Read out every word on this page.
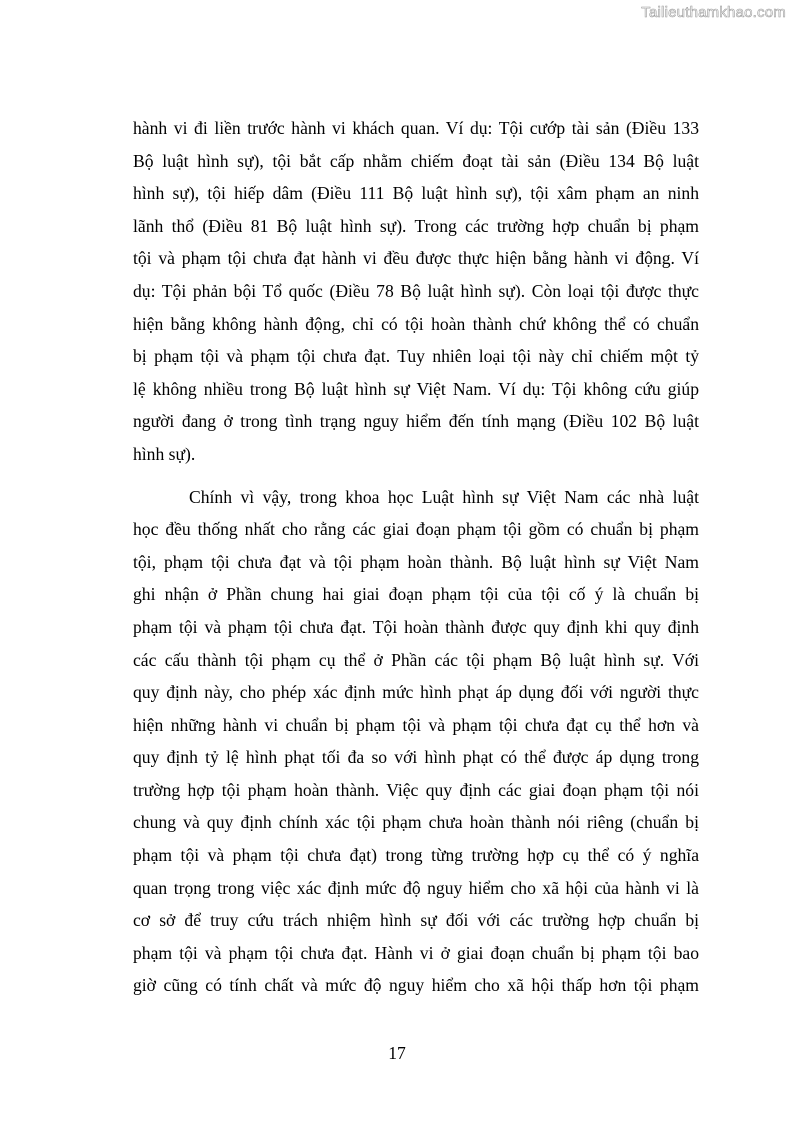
Tailieuthamkhao.com

hành vi đi liền trước hành vi khách quan. Ví dụ: Tội cướp tài sản (Điều 133
Bộ luật hình sự), tội bắt cấp nhằm chiếm đoạt tài sản (Điều 134 Bộ luật
hình sự), tội hiếp dâm (Điều 111 Bộ luật hình sự), tội xâm phạm an ninh
lãnh thổ (Điều 81 Bộ luật hình sự). Trong các trường hợp chuẩn bị phạm
tội và phạm tội chưa đạt hành vi đều được thực hiện bằng hành vi động. Ví
dụ: Tội phản bội Tổ quốc (Điều 78 Bộ luật hình sự). Còn loại tội được thực
hiện bằng không hành động, chỉ có tội hoàn thành chứ không thể có chuẩn
bị phạm tội và phạm tội chưa đạt. Tuy nhiên loại tội này chỉ chiếm một tỷ
lệ không nhiều trong Bộ luật hình sự Việt Nam. Ví dụ: Tội không cứu giúp
người đang ở trong tình trạng nguy hiểm đến tính mạng (Điều 102 Bộ luật
hình sự).

Chính vì vậy, trong khoa học Luật hình sự Việt Nam các nhà luật
học đều thống nhất cho rằng các giai đoạn phạm tội gồm có chuẩn bị phạm
tội, phạm tội chưa đạt và tội phạm hoàn thành. Bộ luật hình sự Việt Nam
ghi nhận ở Phần chung hai giai đoạn phạm tội của tội cố ý là chuẩn bị
phạm tội và phạm tội chưa đạt. Tội hoàn thành được quy định khi quy định
các cấu thành tội phạm cụ thể ở Phần các tội phạm Bộ luật hình sự. Với
quy định này, cho phép xác định mức hình phạt áp dụng đối với người thực
hiện những hành vi chuẩn bị phạm tội và phạm tội chưa đạt cụ thể hơn và
quy định tỷ lệ hình phạt tối đa so với hình phạt có thể được áp dụng trong
trường hợp tội phạm hoàn thành. Việc quy định các giai đoạn phạm tội nói
chung và quy định chính xác tội phạm chưa hoàn thành nói riêng (chuẩn bị
phạm tội và phạm tội chưa đạt) trong từng trường hợp cụ thể có ý nghĩa
quan trọng trong việc xác định mức độ nguy hiểm cho xã hội của hành vi là
cơ sở để truy cứu trách nhiệm hình sự đối với các trường hợp chuẩn bị
phạm tội và phạm tội chưa đạt. Hành vi ở giai đoạn chuẩn bị phạm tội bao
giờ cũng có tính chất và mức độ nguy hiểm cho xã hội thấp hơn tội phạm

17
